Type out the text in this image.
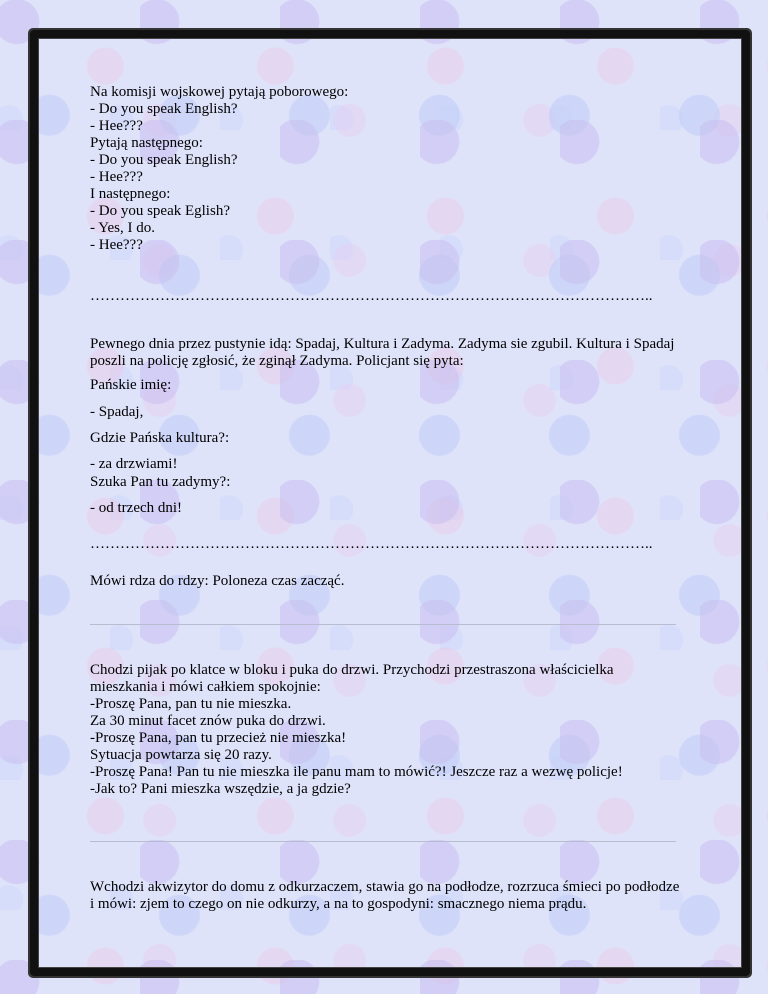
Na komisji wojskowej pytają poborowego:
- Do you speak English?
- Hee???
Pytają następnego:
- Do you speak English?
- Hee???
I następnego:
- Do you speak Eglish?
- Yes, I do.
- Hee???
…………………………………………………………………………………………………..
Pewnego dnia przez pustynie idą: Spadaj, Kultura i Zadyma. Zadyma sie zgubil. Kultura i Spadaj poszli na policję zgłosić, że zginął Zadyma. Policjant się pyta:
Pańskie imię:
- Spadaj,
Gdzie Pańska kultura?:
- za drzwiami!
Szuka Pan tu zadymy?:
- od trzech dni!
…………………………………………………………………………………………………..
Mówi rdza do rdzy: Poloneza czas zacząć.
Chodzi pijak po klatce w bloku i puka do drzwi. Przychodzi przestraszona właścicielka mieszkania i mówi całkiem spokojnie:
-Proszę Pana, pan tu nie mieszka.
Za 30 minut facet znów puka do drzwi.
-Proszę Pana, pan tu przecież nie mieszka!
Sytuacja powtarza się 20 razy.
-Proszę Pana! Pan tu nie mieszka ile panu mam to mówić?! Jeszcze raz a wezwę policje!
-Jak to? Pani mieszka wszędzie, a ja gdzie?
Wchodzi akwizytor do domu z odkurzaczem, stawia go na podłodze, rozrzuca śmieci po podłodze i mówi: zjem to czego on nie odkurzy, a na to gospodyni: smacznego niema prądu.
